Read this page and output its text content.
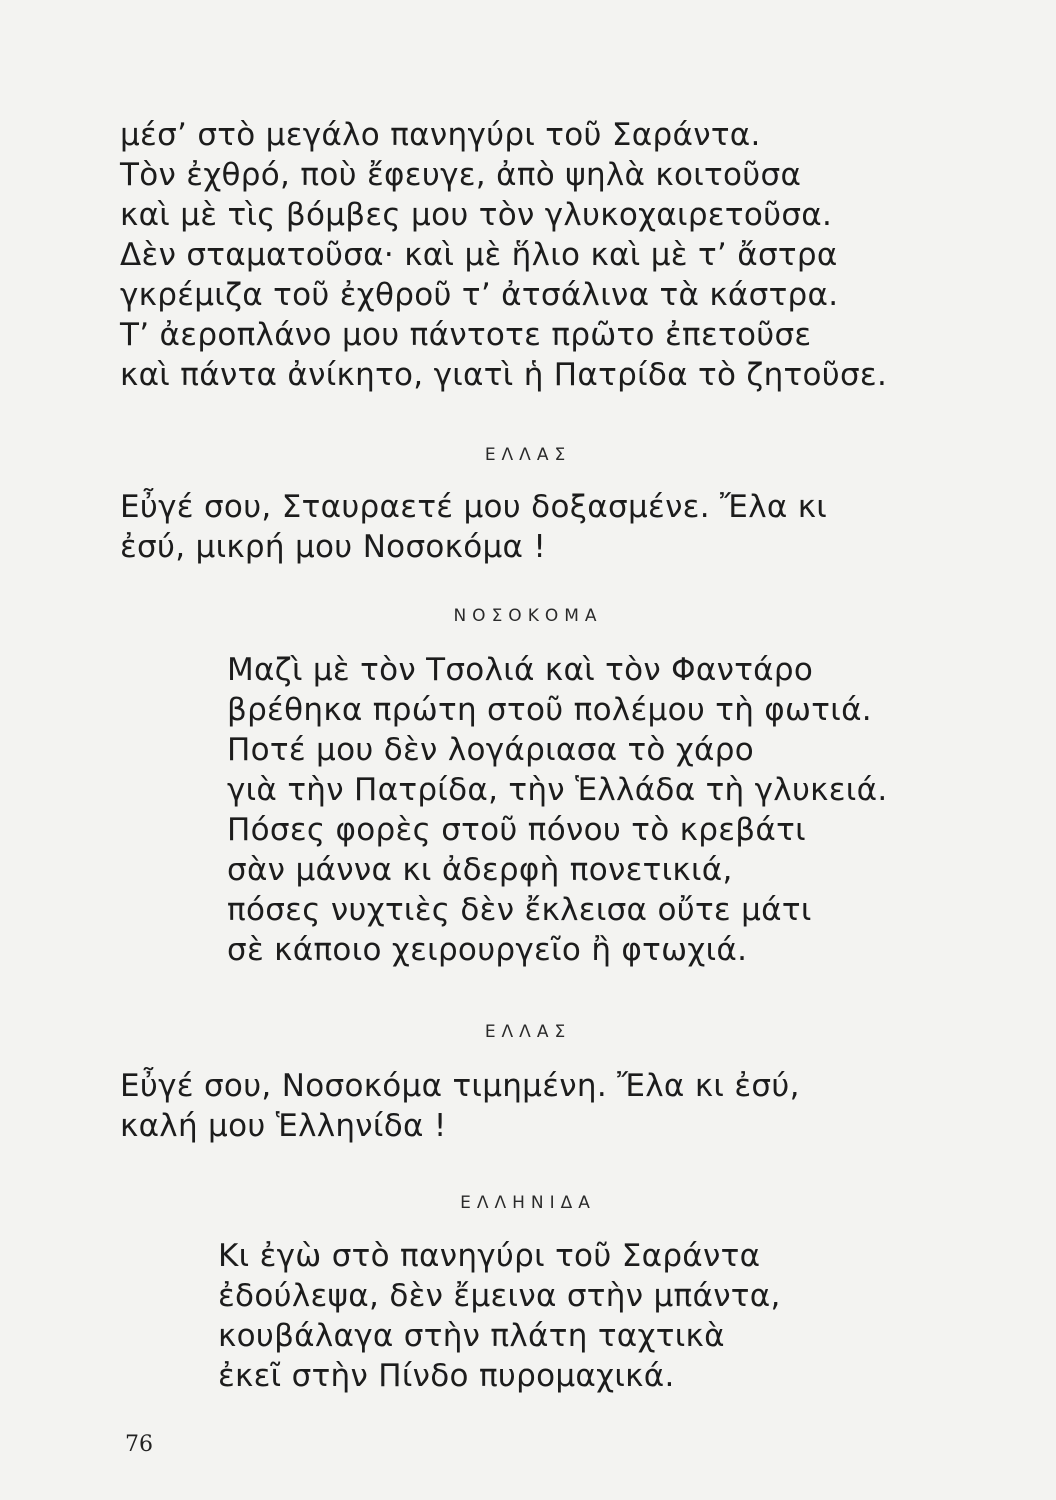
μέσ’ στὸ μεγάλο πανηγύρι τοῦ Σαράντα.
Τὸν ἐχθρό, ποὺ ἔφευγε, ἀπὸ ψηλὰ κοιτοῦσα
καὶ μὲ τὶς βόμβες μου τὸν γλυκοχαιρετοῦσα.
Δὲν σταματοῦσα· καὶ μὲ ἥλιο καὶ μὲ τ’ ἄστρα
γκρέμιζα τοῦ ἐχθροῦ τ’ ἀτσάλινα τὰ κάστρα.
Τ’ ἀεροπλάνο μου πάντοτε πρῶτο ἐπετοῦσε
καὶ πάντα ἀνίκητο, γιατὶ ἡ Πατρίδα τὸ ζητοῦσε.
ΕΛΛΑΣ
Εὖγέ σου, Σταυραετέ μου δοξασμένε. Ἔλα κι
ἐσύ, μικρή μου Νοσοκόμα !
ΝΟΣΟΚΟΜΑ
Μαζὶ μὲ τὸν Τσολιά καὶ τὸν Φαντάρο
βρέθηκα πρώτη στοῦ πολέμου τὴ φωτιά.
Ποτέ μου δὲν λογάριασα τὸ χάρο
γιὰ τὴν Πατρίδα, τὴν Ἑλλάδα τὴ γλυκειά.
Πόσες φορὲς στοῦ πόνου τὸ κρεβάτι
σὰν μάννα κι ἀδερφὴ πονετικιά,
πόσες νυχτιὲς δὲν ἔκλεισα οὔτε μάτι
σὲ κάποιο χειρουργεῖο ἢ φτωχιά.
ΕΛΛΑΣ
Εὖγέ σου, Νοσοκόμα τιμημένη. Ἔλα κι ἐσύ,
καλή μου Ἑλληνίδα !
ΕΛΛΗΝΙΔΑ
Κι ἐγὼ στὸ πανηγύρι τοῦ Σαράντα
ἐδούλεψα, δὲν ἔμεινα στὴν μπάντα,
κουβάλαγα στὴν πλάτη ταχτικὰ
ἐκεῖ στὴν Πίνδο πυρομαχικά.
76
